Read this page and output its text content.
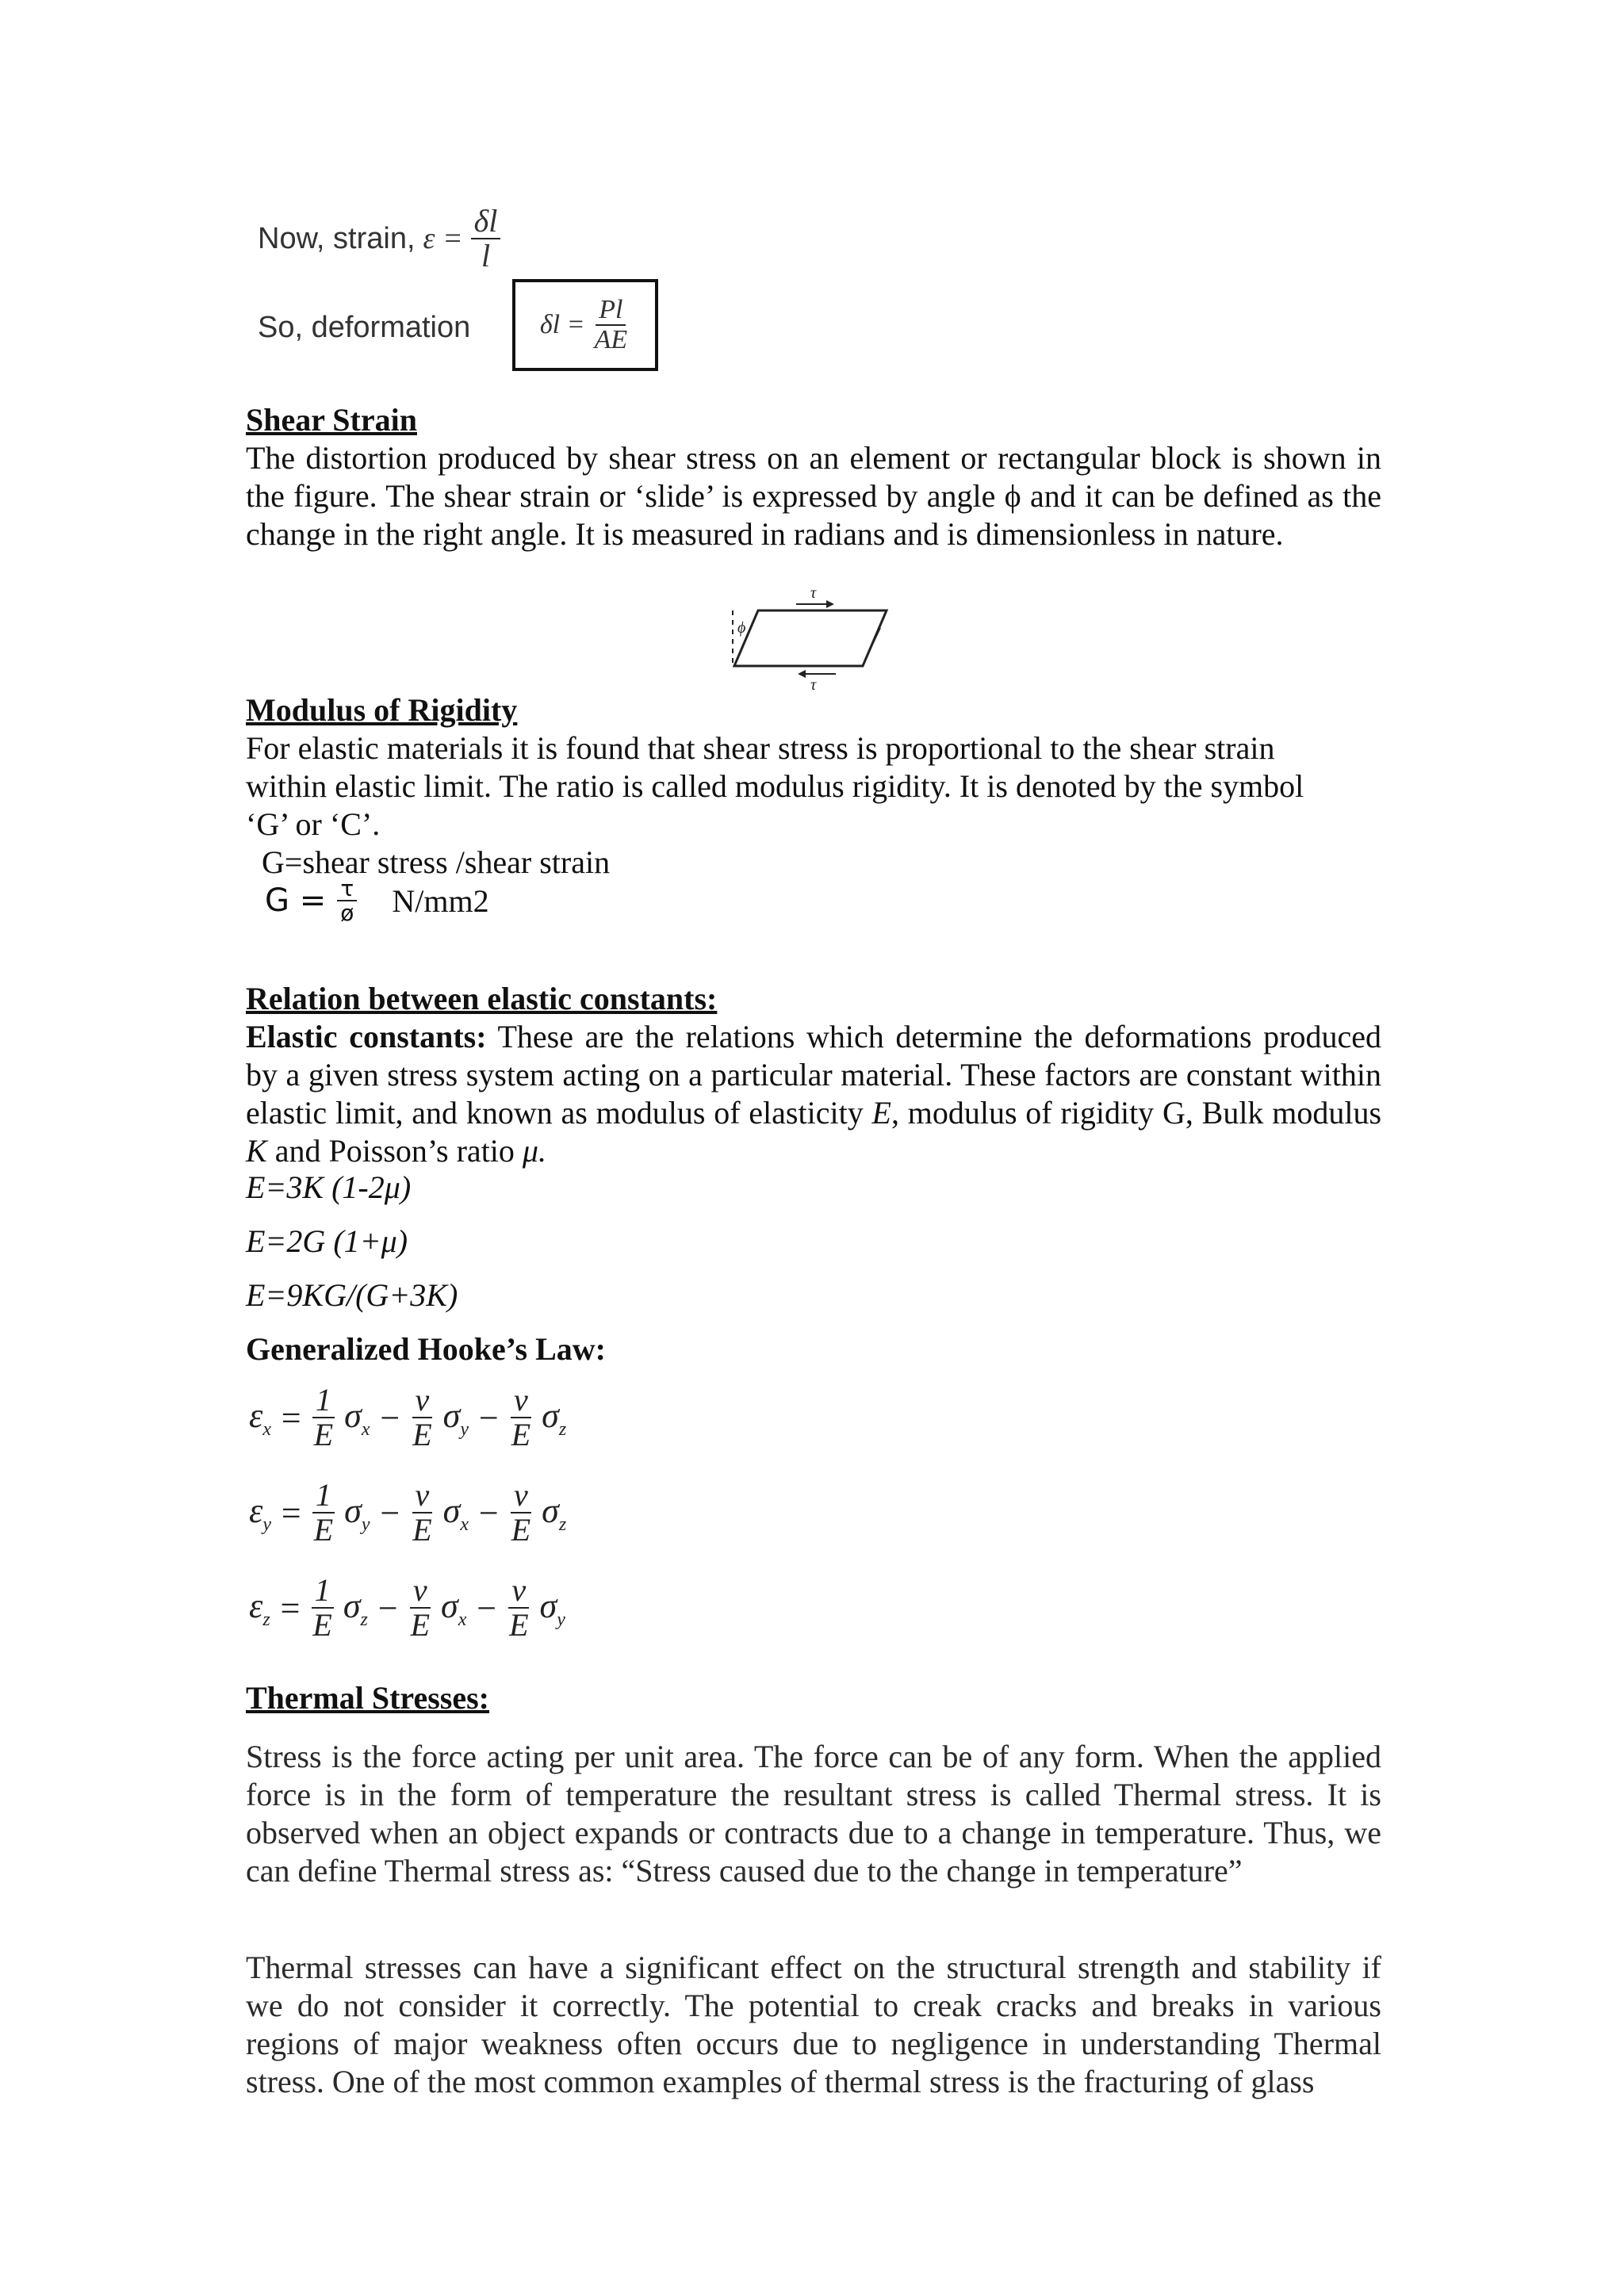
Now, strain, $\varepsilon = \frac{\delta l}{l}$
So, deformation	$\delta l = \frac{Pl}{AE}$
Shear Strain
The distortion produced by shear stress on an element or rectangular block is shown in the figure. The shear strain or ‘slide’ is expressed by angle ϕ and it can be defined as the change in the right angle. It is measured in radians and is dimensionless in nature.
τ
τ
ϕ
Modulus of Rigidity
For elastic materials it is found that shear stress is proportional to the shear strain
within elastic limit. The ratio is called modulus rigidity. It is denoted by the symbol
‘G’ or ‘C’.
G=shear stress /shear strain
$G = \frac{\tau}{ø} N/mm2$
Relation between elastic constants:
Elastic constants: These are the relations which determine the deformations produced by a given stress system acting on a particular material. These factors are constant within elastic limit, and known as modulus of elasticity E, modulus of rigidity G, Bulk modulus K and Poisson’s ratio μ.
E=3K (1-2μ)
E=2G (1+μ)
E=9KG/(G+3K)
Generalized Hooke’s Law:
$\varepsilon_x = \frac{1}{E} \sigma_x - \frac{\nu}{E} \sigma_y - \frac{\nu}{E} \sigma_z$
$\varepsilon_y = \frac{1}{E} \sigma_y - \frac{\nu}{E} \sigma_x - \frac{\nu}{E} \sigma_z$
$\varepsilon_z = \frac{1}{E} \sigma_z - \frac{\nu}{E} \sigma_x - \frac{\nu}{E} \sigma_y$
Thermal Stresses:
Stress is the force acting per unit area. The force can be of any form. When the applied force is in the form of temperature the resultant stress is called Thermal stress. It is observed when an object expands or contracts due to a change in temperature. Thus, we can define Thermal stress as: “Stress caused due to the change in temperature”
Thermal stresses can have a significant effect on the structural strength and stability if we do not consider it correctly. The potential to creak cracks and breaks in various regions of major weakness often occurs due to negligence in understanding Thermal stress. One of the most common examples of thermal stress is the fracturing of glass
